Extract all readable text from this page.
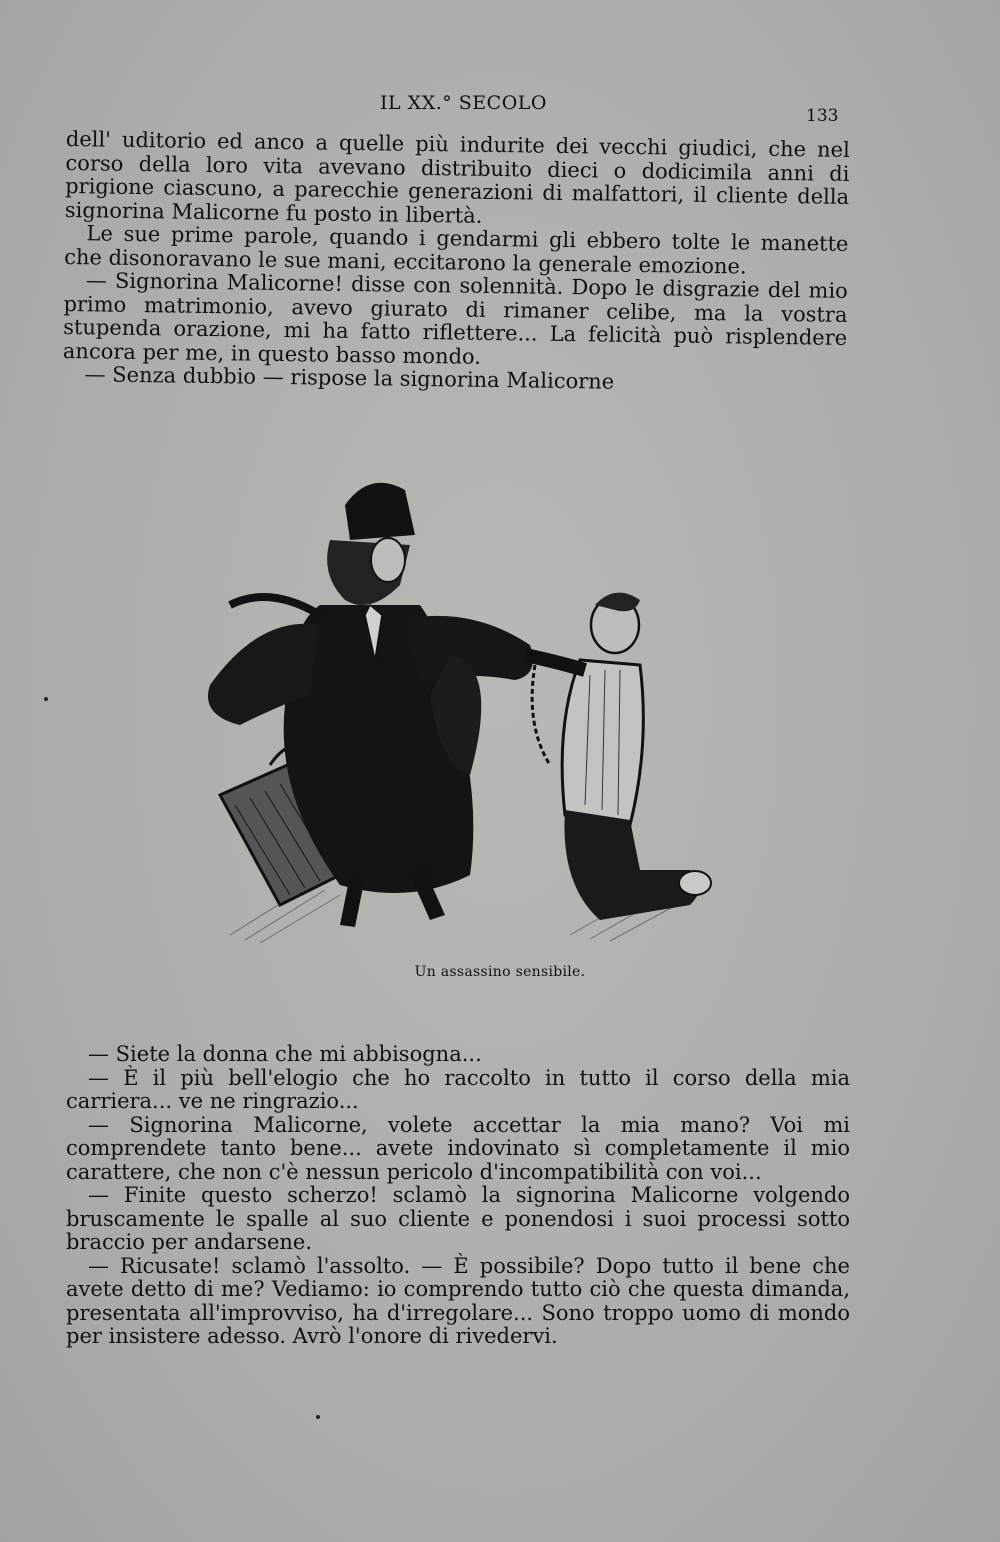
IL XX.° SECOLO
133

dell' uditorio ed anco a quelle più indurite dei vecchi giudici, che nel corso della loro vita avevano distribuito dieci o dodicimila anni di prigione ciascuno, a parecchie generazioni di malfattori, il cliente della signorina Malicorne fu posto in libertà.

Le sue prime parole, quando i gendarmi gli ebbero tolte le manette che disonoravano le sue mani, eccitarono la generale emozione.

— Signorina Malicorne! disse con solennità. Dopo le disgrazie del mio primo matrimonio, avevo giurato di rimaner celibe, ma la vostra stupenda orazione, mi ha fatto riflettere... La felicità può risplendere ancora per me, in questo basso mondo.

— Senza dubbio — rispose la signorina Malicorne

Un assassino sensibile.

— Siete la donna che mi abbisogna...

— È il più bell'elogio che ho raccolto in tutto il corso della mia carriera... ve ne ringrazio...

— Signorina Malicorne, volete accettar la mia mano? Voi mi comprendete tanto bene... avete indovinato sì completamente il mio carattere, che non c'è nessun pericolo d'incompatibilità con voi...

— Finite questo scherzo! sclamò la signorina Malicorne volgendo bruscamente le spalle al suo cliente e ponendosi i suoi processi sotto braccio per andarsene.

— Ricusate! sclamò l'assolto. — È possibile? Dopo tutto il bene che avete detto di me? Vediamo: io comprendo tutto ciò che questa dimanda, presentata all'improvviso, ha d'irregolare... Sono troppo uomo di mondo per insistere adesso. Avrò l'onore di rivedervi.
